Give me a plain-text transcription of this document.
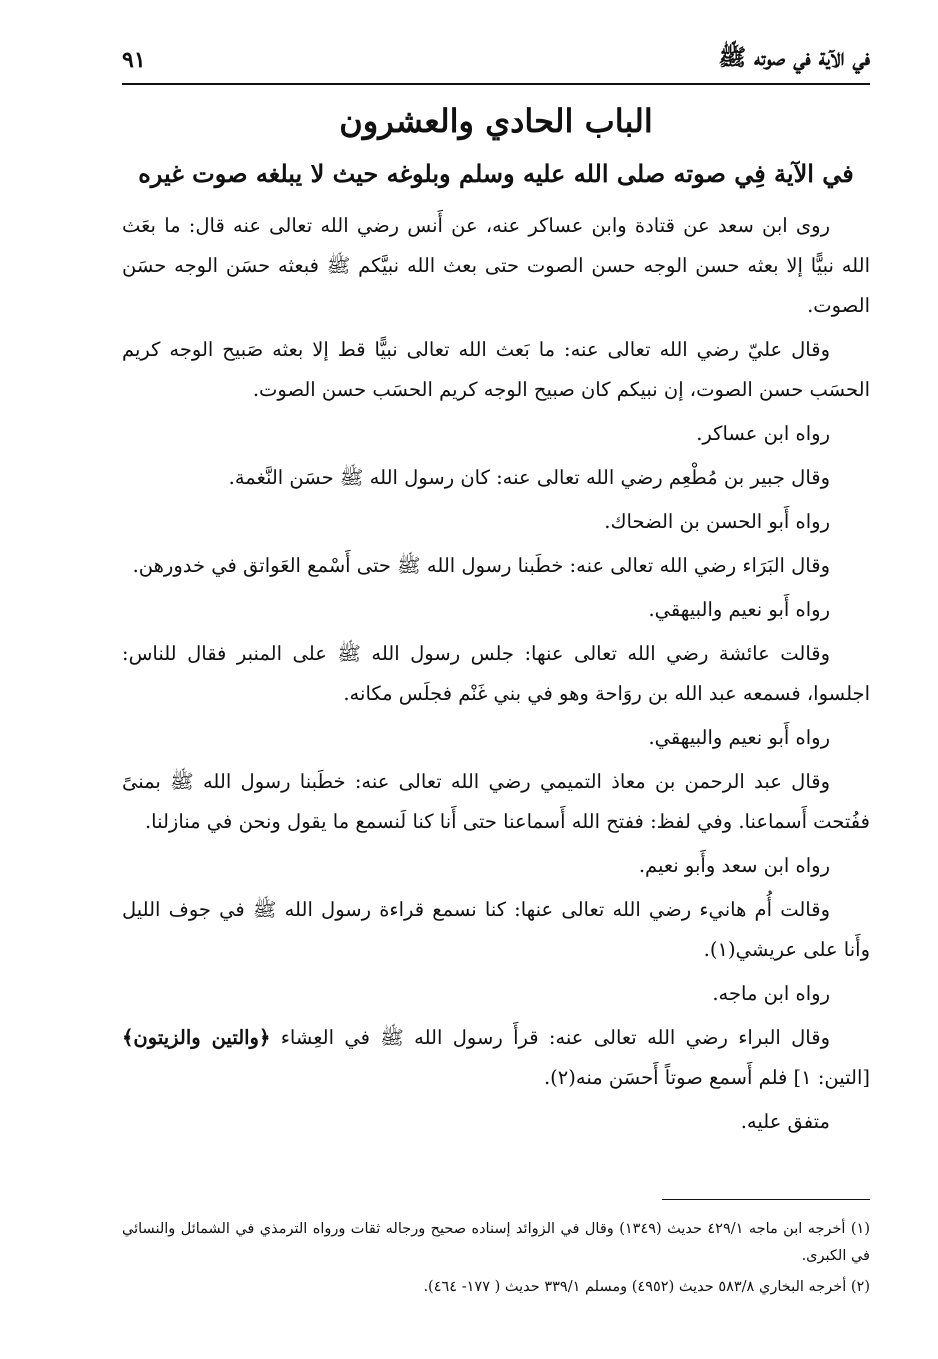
في الآية في صوته ﷺ
٩١
الباب الحادي والعشرون
في الآية فِي صوته صلى الله عليه وسلم وبلوغه حيث لا يبلغه صوت غيره

روى ابن سعد عن قتادة وابن عساكر عنه، عن أَنس رضي الله تعالى عنه قال: ما بعَث الله نبيًّا إلا بعثه حسن الوجه حسن الصوت حتى بعث الله نبيَّكم ﷺ فبعثه حسَن الوجه حسَن الصوت.

وقال عليّ رضي الله تعالى عنه: ما بَعث الله تعالى نبيًّا قط إلا بعثه صَبيح الوجه كريم الحسَب حسن الصوت، إن نبيكم كان صبيح الوجه كريم الحسَب حسن الصوت.

رواه ابن عساكر.

وقال جبير بن مُطْعِم رضي الله تعالى عنه: كان رسول الله ﷺ حسَن النَّغمة.

رواه أَبو الحسن بن الضحاك.

وقال البَرَاء رضي الله تعالى عنه: خطَبنا رسول الله ﷺ حتى أَسْمع العَواتق في خدورهن.

رواه أَبو نعيم والبيهقي.

وقالت عائشة رضي الله تعالى عنها: جلس رسول الله ﷺ على المنبر فقال للناس: اجلسوا، فسمعه عبد الله بن روَاحة وهو في بني غَنْم فجلَس مكانه.

رواه أَبو نعيم والبيهقي.

وقال عبد الرحمن بن معاذ التميمي رضي الله تعالى عنه: خطَبنا رسول الله ﷺ بمنىً ففُتحت أَسماعنا. وفي لفظ: ففتح الله أَسماعنا حتى أَنا كنا لَنسمع ما يقول ونحن في منازلنا.

رواه ابن سعد وأَبو نعيم.

وقالت أُم هانيء رضي الله تعالى عنها: كنا نسمع قراءة رسول الله ﷺ في جوف الليل وأَنا على عريشي(١).

رواه ابن ماجه.

وقال البراء رضي الله تعالى عنه: قرأَ رسول الله ﷺ في العِشاء ﴿والتين والزيتون﴾ [التين: ١] فلم أَسمع صوتاً أَحسَن منه(٢).

متفق عليه.

(١) أخرجه ابن ماجه ٤٢٩/١ حديث (١٣٤٩) وقال في الزوائد إسناده صحيح ورجاله ثقات ورواه الترمذي في الشمائل والنسائي في الكبرى.

(٢) أخرجه البخاري ٥٨٣/٨ حديث (٤٩٥٢) ومسلم ٣٣٩/١ حديث ( ١٧٧- ٤٦٤).
